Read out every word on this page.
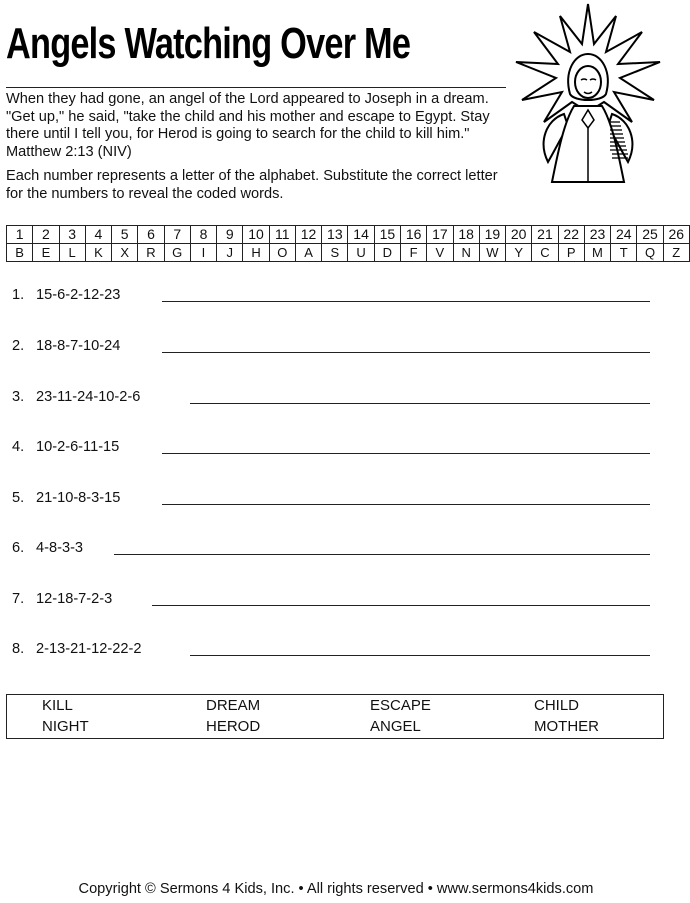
Angels Watching Over Me

When they had gone, an angel of the Lord appeared to Joseph in a dream. "Get up," he said, "take the child and his mother and escape to Egypt. Stay there until I tell you, for Herod is going to search for the child to kill him." Matthew 2:13 (NIV)

Each number represents a letter of the alphabet. Substitute the correct letter for the numbers to reveal the coded words.

1	2	3	4	5	6	7	8	9	10	11	12	13	14	15	16	17	18	19	20	21	22	23	24	25	26
B	E	L	K	X	R	G	I	J	H	O	A	S	U	D	F	V	N	W	Y	C	P	M	T	Q	Z
1. 15-6-2-12-23
2. 18-8-7-10-24
3. 23-11-24-10-2-6
4. 10-2-6-11-15
5. 21-10-8-3-15
6. 4-8-3-3
7. 12-18-7-2-3
8. 2-13-21-12-22-2
KILL	DREAM	ESCAPE	CHILD
NIGHT	HEROD	ANGEL	MOTHER
Copyright © Sermons 4 Kids, Inc. • All rights reserved • www.sermons4kids.com
